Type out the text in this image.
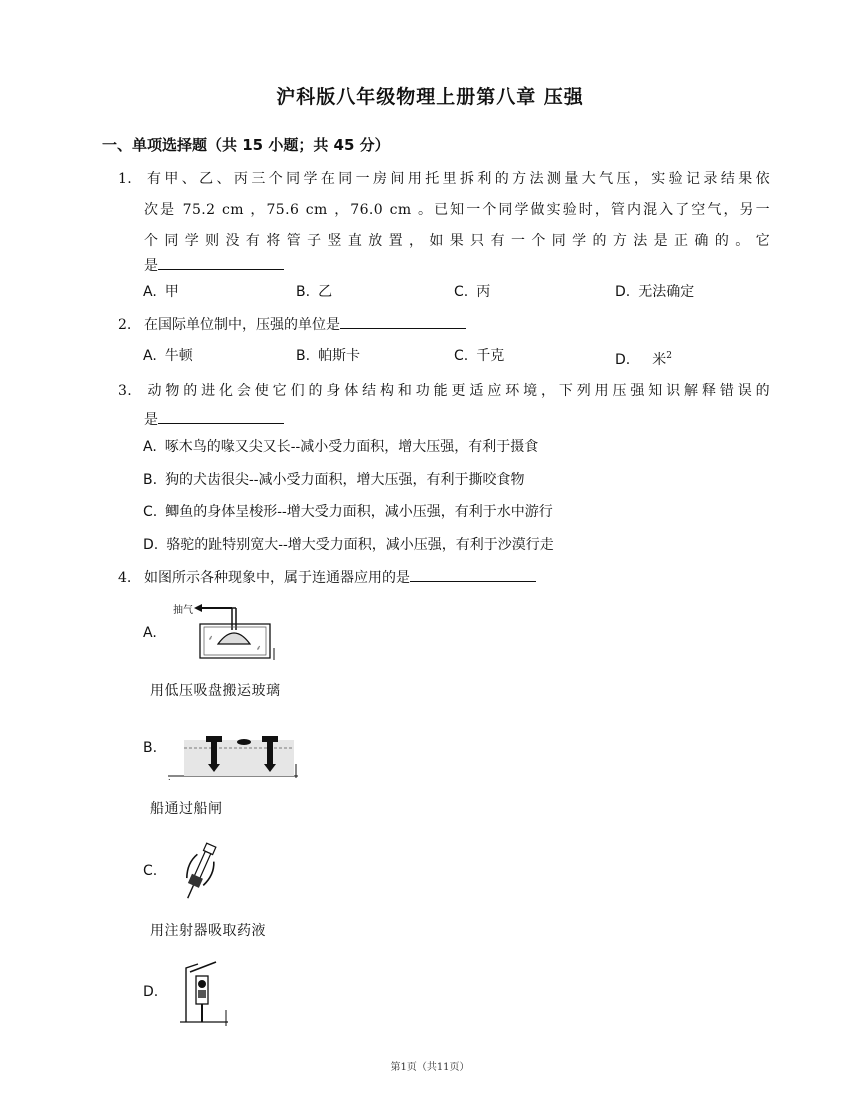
沪科版八年级物理上册第八章 压强
一、单项选择题（共 15 小题；共 45 分）
1. 有甲、乙、丙三个同学在同一房间用托里拆利的方法测量大气压，实验记录结果依
次是 75.2 cm ，75.6 cm ，76.0 cm 。已知一个同学做实验时，管内混入了空气，另一
个同学则没有将管子竖直放置，如果只有一个同学的方法是正确的。它
是
A. 甲	B. 乙	C. 丙	D. 无法确定
2. 在国际单位制中，压强的单位是
A. 牛顿	B. 帕斯卡	C. 千克	D. 米$^2$
3. 动物的进化会使它们的身体结构和功能更适应环境，下列用压强知识解释错误的
是
A. 啄木鸟的喙又尖又长--减小受力面积，增大压强，有利于摄食
B. 狗的犬齿很尖--减小受力面积，增大压强，有利于撕咬食物
C. 鲫鱼的身体呈梭形--增大受力面积，减小压强，有利于水中游行
D. 骆驼的趾特别宽大--增大受力面积，减小压强，有利于沙漠行走
4. 如图所示各种现象中，属于连通器应用的是
A.
抽气
⸙
⸙
用低压吸盘搬运玻璃
B.
.
船通过船闸
C.
用注射器吸取药液
D.
第1页（共11页）
